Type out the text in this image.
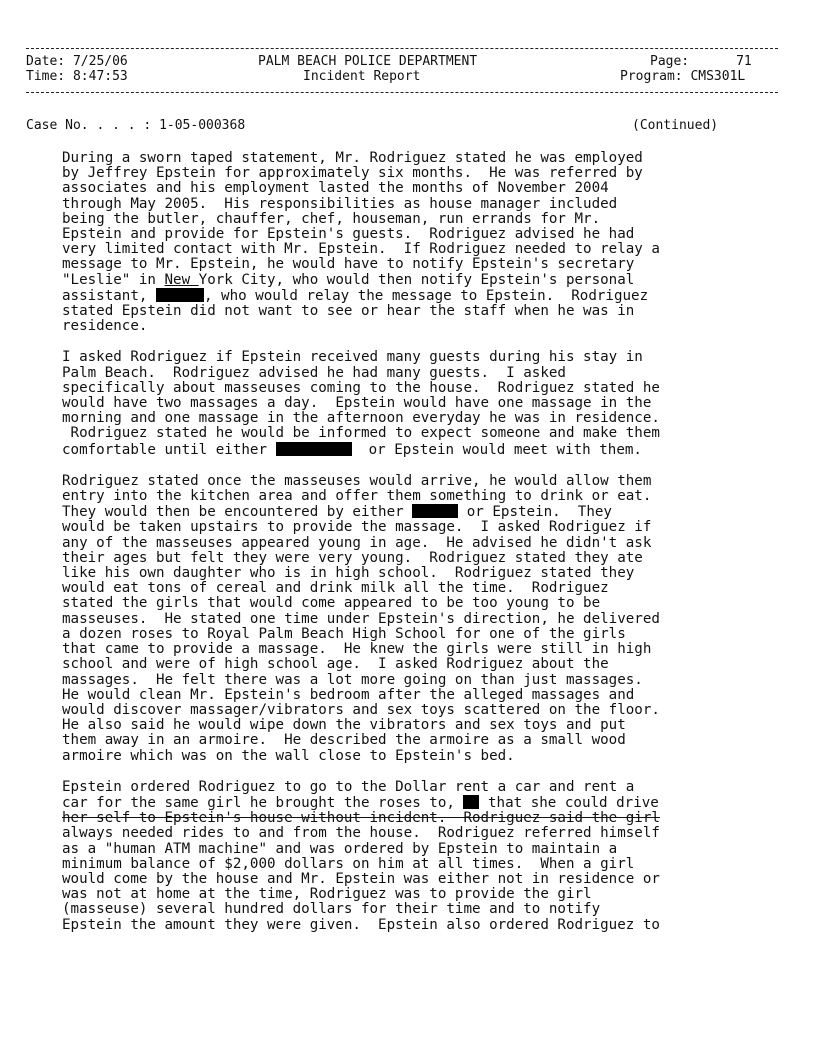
Date: 7/25/06
Time: 8:47:53
PALM BEACH POLICE DEPARTMENT
Incident Report
Page:	71
Program: CMS301L
Case No. . . . : 1-05-000368	(Continued)

During a sworn taped statement, Mr. Rodriguez stated he was employed
by Jeffrey Epstein for approximately six months.  He was referred by
associates and his employment lasted the months of November 2004
through May 2005.  His responsibilities as house manager included
being the butler, chauffer, chef, houseman, run errands for Mr.
Epstein and provide for Epstein's guests.  Rodriguez advised he had
very limited contact with Mr. Epstein.  If Rodriguez needed to relay a
message to Mr. Epstein, he would have to notify Epstein's secretary
"Leslie" in New York City, who would then notify Epstein's personal
assistant,	, who would relay the message to Epstein.  Rodriguez
stated Epstein did not want to see or hear the staff when he was in
residence.

I asked Rodriguez if Epstein received many guests during his stay in
Palm Beach.  Rodriguez advised he had many guests.  I asked
specifically about masseuses coming to the house.  Rodriguez stated he
would have two massages a day.  Epstein would have one massage in the
morning and one massage in the afternoon everyday he was in residence.
Rodriguez stated he would be informed to expect someone and make them
comfortable until either	or Epstein would meet with them.

Rodriguez stated once the masseuses would arrive, he would allow them
entry into the kitchen area and offer them something to drink or eat.
They would then be encountered by either	or Epstein.  They
would be taken upstairs to provide the massage.  I asked Rodriguez if
any of the masseuses appeared young in age.  He advised he didn't ask
their ages but felt they were very young.  Rodriguez stated they ate
like his own daughter who is in high school.  Rodriguez stated they
would eat tons of cereal and drink milk all the time.  Rodriguez
stated the girls that would come appeared to be too young to be
masseuses.  He stated one time under Epstein's direction, he delivered
a dozen roses to Royal Palm Beach High School for one of the girls
that came to provide a massage.  He knew the girls were still in high
school and were of high school age.  I asked Rodriguez about the
massages.  He felt there was a lot more going on than just massages.
He would clean Mr. Epstein's bedroom after the alleged massages and
would discover massager/vibrators and sex toys scattered on the floor.
He also said he would wipe down the vibrators and sex toys and put
them away in an armoire.  He described the armoire as a small wood
armoire which was on the wall close to Epstein's bed.

Epstein ordered Rodriguez to go to the Dollar rent a car and rent a
car for the same girl he brought the roses to,  that she could drive
her self to Epstein's house without incident.  Rodriguez said the girl
always needed rides to and from the house.  Rodriguez referred himself
as a "human ATM machine" and was ordered by Epstein to maintain a
minimum balance of $2,000 dollars on him at all times.  When a girl
would come by the house and Mr. Epstein was either not in residence or
was not at home at the time, Rodriguez was to provide the girl
(masseuse) several hundred dollars for their time and to notify
Epstein the amount they were given.  Epstein also ordered Rodriguez to
